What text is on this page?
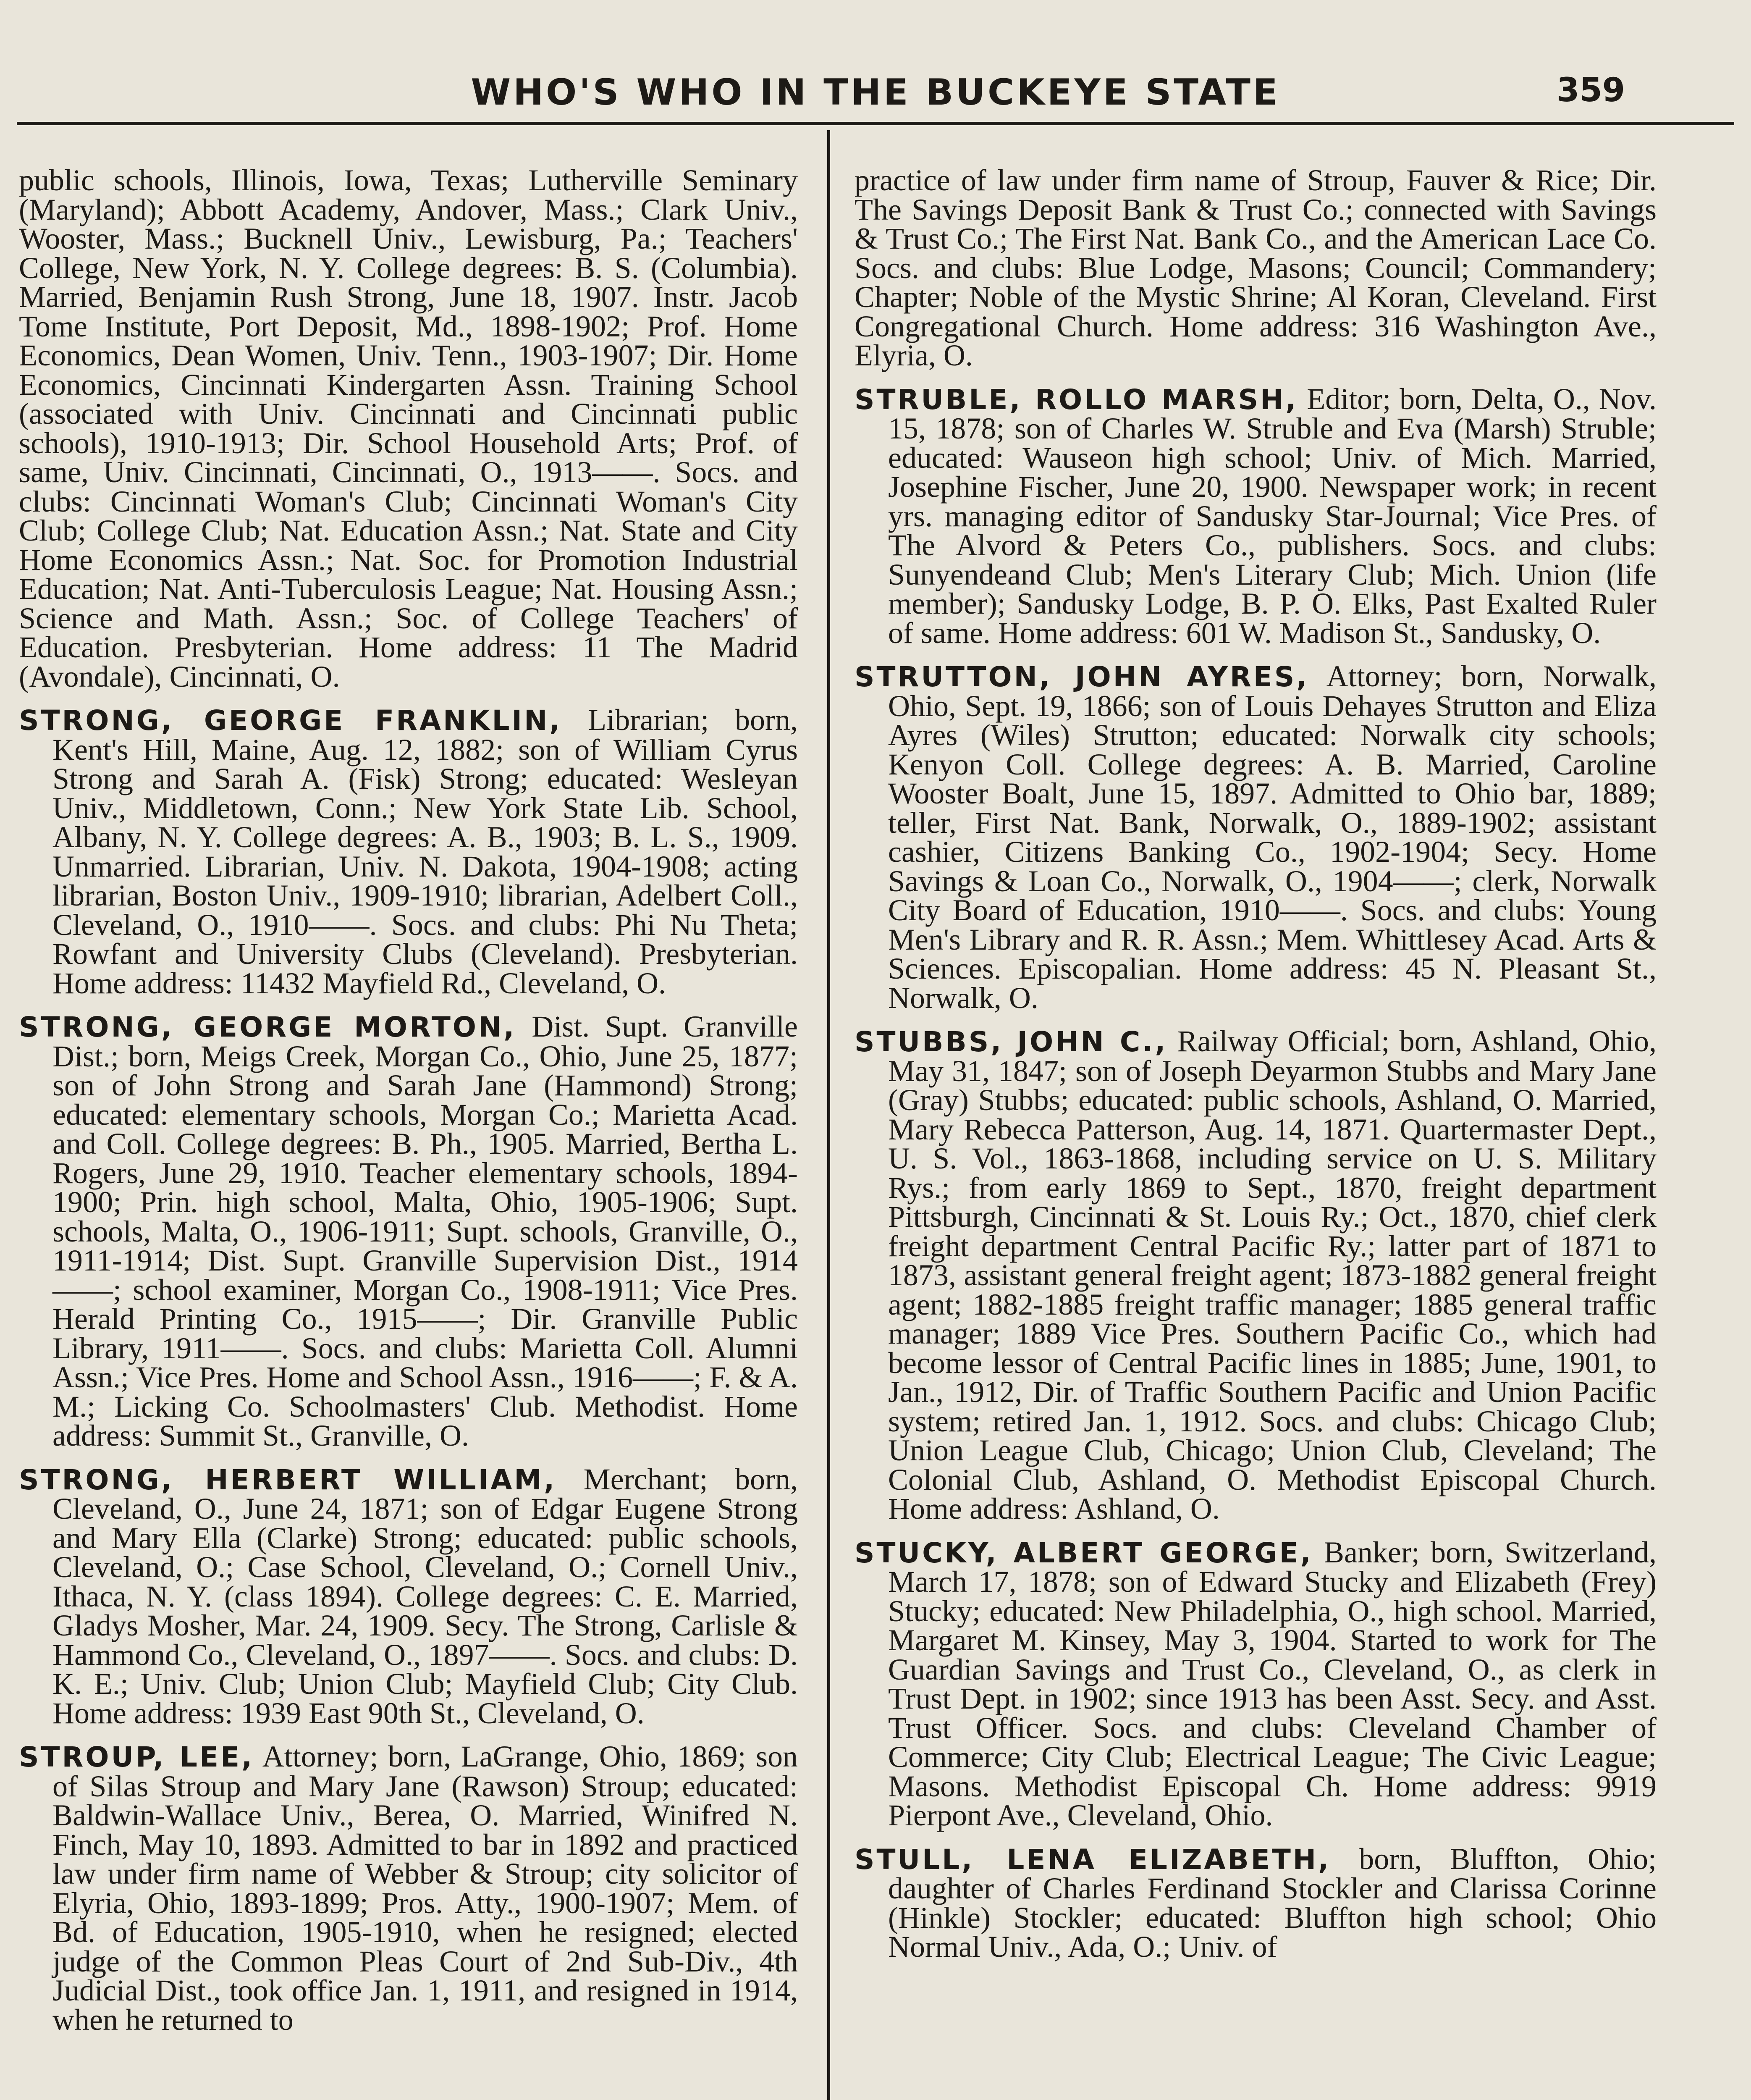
WHO'S WHO IN THE BUCKEYE STATE	359

public schools, Illinois, Iowa, Texas; Lutherville Seminary (Maryland); Abbott Academy, Andover, Mass.; Clark Univ., Wooster, Mass.; Bucknell Univ., Lewisburg, Pa.; Teachers' College, New York, N. Y. College degrees: B. S. (Columbia). Married, Benjamin Rush Strong, June 18, 1907. Instr. Jacob Tome Institute, Port Deposit, Md., 1898-1902; Prof. Home Economics, Dean Women, Univ. Tenn., 1903-1907; Dir. Home Economics, Cincinnati Kindergarten Assn. Training School (associated with Univ. Cincinnati and Cincinnati public schools), 1910-1913; Dir. School Household Arts; Prof. of same, Univ. Cincinnati, Cincinnati, O., 1913——. Socs. and clubs: Cincinnati Woman's Club; Cincinnati Woman's City Club; College Club; Nat. Education Assn.; Nat. State and City Home Economics Assn.; Nat. Soc. for Promotion Industrial Education; Nat. Anti-Tuberculosis League; Nat. Housing Assn.; Science and Math. Assn.; Soc. of College Teachers' of Education. Presbyterian. Home address: 11 The Madrid (Avondale), Cincinnati, O.

STRONG, GEORGE FRANKLIN, Librarian; born, Kent's Hill, Maine, Aug. 12, 1882; son of William Cyrus Strong and Sarah A. (Fisk) Strong; educated: Wesleyan Univ., Middletown, Conn.; New York State Lib. School, Albany, N. Y. College degrees: A. B., 1903; B. L. S., 1909. Unmarried. Librarian, Univ. N. Dakota, 1904-1908; acting librarian, Boston Univ., 1909-1910; librarian, Adelbert Coll., Cleveland, O., 1910——. Socs. and clubs: Phi Nu Theta; Rowfant and University Clubs (Cleveland). Presbyterian. Home address: 11432 Mayfield Rd., Cleveland, O.

STRONG, GEORGE MORTON, Dist. Supt. Granville Dist.; born, Meigs Creek, Morgan Co., Ohio, June 25, 1877; son of John Strong and Sarah Jane (Hammond) Strong; educated: elementary schools, Morgan Co.; Marietta Acad. and Coll. College degrees: B. Ph., 1905. Married, Bertha L. Rogers, June 29, 1910. Teacher elementary schools, 1894-1900; Prin. high school, Malta, Ohio, 1905-1906; Supt. schools, Malta, O., 1906-1911; Supt. schools, Granville, O., 1911-1914; Dist. Supt. Granville Supervision Dist., 1914——; school examiner, Morgan Co., 1908-1911; Vice Pres. Herald Printing Co., 1915——; Dir. Granville Public Library, 1911——. Socs. and clubs: Marietta Coll. Alumni Assn.; Vice Pres. Home and School Assn., 1916——; F. & A. M.; Licking Co. Schoolmasters' Club. Methodist. Home address: Summit St., Granville, O.

STRONG, HERBERT WILLIAM, Merchant; born, Cleveland, O., June 24, 1871; son of Edgar Eugene Strong and Mary Ella (Clarke) Strong; educated: public schools, Cleveland, O.; Case School, Cleveland, O.; Cornell Univ., Ithaca, N. Y. (class 1894). College degrees: C. E. Married, Gladys Mosher, Mar. 24, 1909. Secy. The Strong, Carlisle & Hammond Co., Cleveland, O., 1897——. Socs. and clubs: D. K. E.; Univ. Club; Union Club; Mayfield Club; City Club. Home address: 1939 East 90th St., Cleveland, O.

STROUP, LEE, Attorney; born, LaGrange, Ohio, 1869; son of Silas Stroup and Mary Jane (Rawson) Stroup; educated: Baldwin-Wallace Univ., Berea, O. Married, Winifred N. Finch, May 10, 1893. Admitted to bar in 1892 and practiced law under firm name of Webber & Stroup; city solicitor of Elyria, Ohio, 1893-1899; Pros. Atty., 1900-1907; Mem. of Bd. of Education, 1905-1910, when he resigned; elected judge of the Common Pleas Court of 2nd Sub-Div., 4th Judicial Dist., took office Jan. 1, 1911, and resigned in 1914, when he returned to

practice of law under firm name of Stroup, Fauver & Rice; Dir. The Savings Deposit Bank & Trust Co.; connected with Savings & Trust Co.; The First Nat. Bank Co., and the American Lace Co. Socs. and clubs: Blue Lodge, Masons; Council; Commandery; Chapter; Noble of the Mystic Shrine; Al Koran, Cleveland. First Congregational Church. Home address: 316 Washington Ave., Elyria, O.

STRUBLE, ROLLO MARSH, Editor; born, Delta, O., Nov. 15, 1878; son of Charles W. Struble and Eva (Marsh) Struble; educated: Wauseon high school; Univ. of Mich. Married, Josephine Fischer, June 20, 1900. Newspaper work; in recent yrs. managing editor of Sandusky Star-Journal; Vice Pres. of The Alvord & Peters Co., publishers. Socs. and clubs: Sunyendeand Club; Men's Literary Club; Mich. Union (life member); Sandusky Lodge, B. P. O. Elks, Past Exalted Ruler of same. Home address: 601 W. Madison St., Sandusky, O.

STRUTTON, JOHN AYRES, Attorney; born, Norwalk, Ohio, Sept. 19, 1866; son of Louis Dehayes Strutton and Eliza Ayres (Wiles) Strutton; educated: Norwalk city schools; Kenyon Coll. College degrees: A. B. Married, Caroline Wooster Boalt, June 15, 1897. Admitted to Ohio bar, 1889; teller, First Nat. Bank, Norwalk, O., 1889-1902; assistant cashier, Citizens Banking Co., 1902-1904; Secy. Home Savings & Loan Co., Norwalk, O., 1904——; clerk, Norwalk City Board of Education, 1910——. Socs. and clubs: Young Men's Library and R. R. Assn.; Mem. Whittlesey Acad. Arts & Sciences. Episcopalian. Home address: 45 N. Pleasant St., Norwalk, O.

STUBBS, JOHN C., Railway Official; born, Ashland, Ohio, May 31, 1847; son of Joseph Deyarmon Stubbs and Mary Jane (Gray) Stubbs; educated: public schools, Ashland, O. Married, Mary Rebecca Patterson, Aug. 14, 1871. Quartermaster Dept., U. S. Vol., 1863-1868, including service on U. S. Military Rys.; from early 1869 to Sept., 1870, freight department Pittsburgh, Cincinnati & St. Louis Ry.; Oct., 1870, chief clerk freight department Central Pacific Ry.; latter part of 1871 to 1873, assistant general freight agent; 1873-1882 general freight agent; 1882-1885 freight traffic manager; 1885 general traffic manager; 1889 Vice Pres. Southern Pacific Co., which had become lessor of Central Pacific lines in 1885; June, 1901, to Jan., 1912, Dir. of Traffic Southern Pacific and Union Pacific system; retired Jan. 1, 1912. Socs. and clubs: Chicago Club; Union League Club, Chicago; Union Club, Cleveland; The Colonial Club, Ashland, O. Methodist Episcopal Church. Home address: Ashland, O.

STUCKY, ALBERT GEORGE, Banker; born, Switzerland, March 17, 1878; son of Edward Stucky and Elizabeth (Frey) Stucky; educated: New Philadelphia, O., high school. Married, Margaret M. Kinsey, May 3, 1904. Started to work for The Guardian Savings and Trust Co., Cleveland, O., as clerk in Trust Dept. in 1902; since 1913 has been Asst. Secy. and Asst. Trust Officer. Socs. and clubs: Cleveland Chamber of Commerce; City Club; Electrical League; The Civic League; Masons. Methodist Episcopal Ch. Home address: 9919 Pierpont Ave., Cleveland, Ohio.

STULL, LENA ELIZABETH, born, Bluffton, Ohio; daughter of Charles Ferdinand Stockler and Clarissa Corinne (Hinkle) Stockler; educated: Bluffton high school; Ohio Normal Univ., Ada, O.; Univ. of
